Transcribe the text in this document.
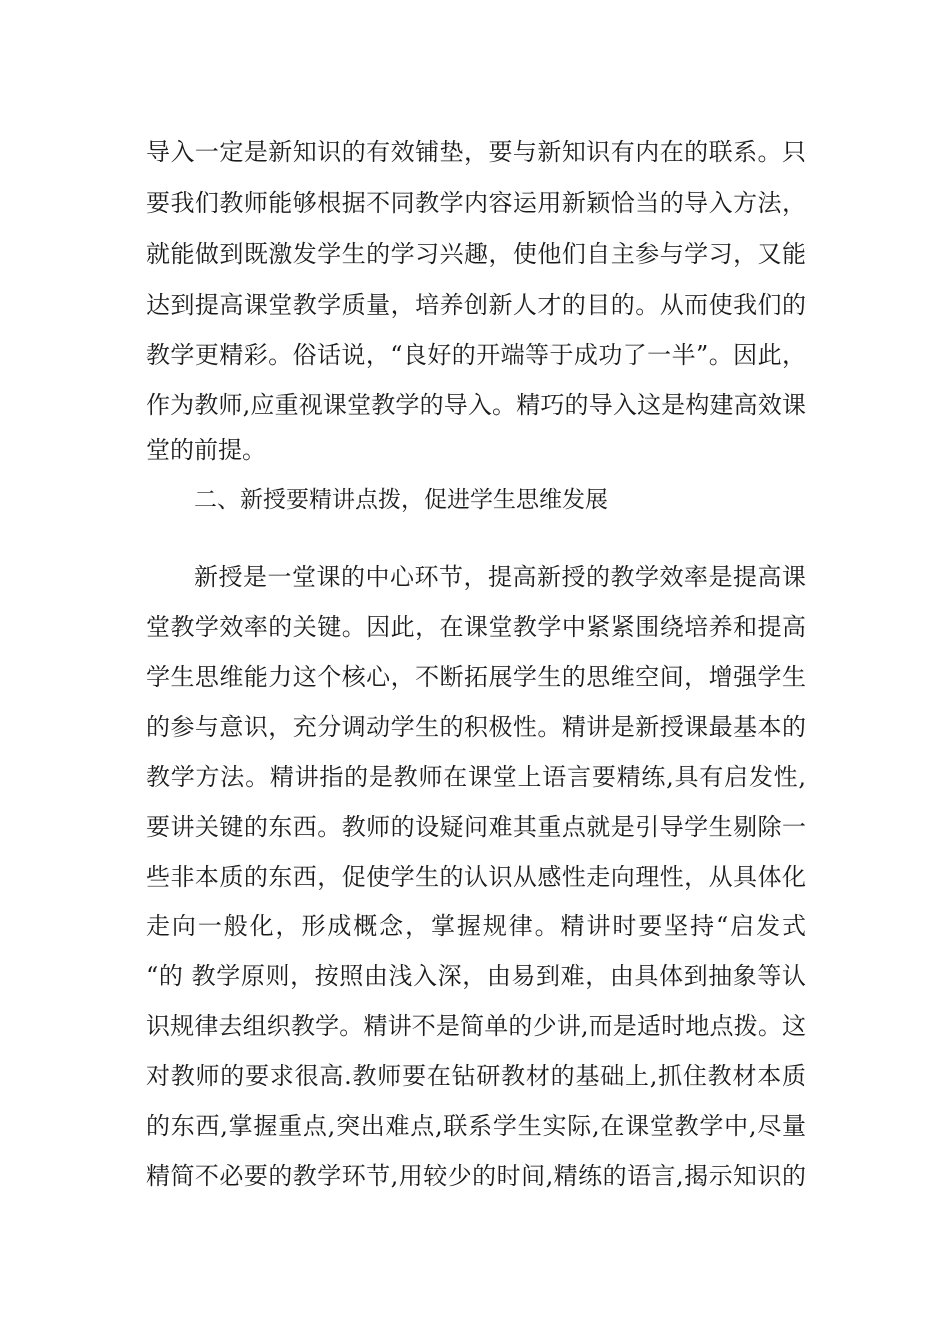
导入一定是新知识的有效铺垫，要与新知识有内在的联系。只

要我们教师能够根据不同教学内容运用新颖恰当的导入方法，

就能做到既激发学生的学习兴趣，使他们自主参与学习，又能

达到提高课堂教学质量，培养创新人才的目的。从而使我们的

教学更精彩。俗话说，“良好的开端等于成功了一半”。因此，

作为教师,应重视课堂教学的导入。精巧的导入这是构建高效课

堂的前提。

二、新授要精讲点拨，促进学生思维发展

新授是一堂课的中心环节，提高新授的教学效率是提高课

堂教学效率的关键。因此，在课堂教学中紧紧围绕培养和提高

学生思维能力这个核心，不断拓展学生的思维空间，增强学生

的参与意识，充分调动学生的积极性。精讲是新授课最基本的

教学方法。精讲指的是教师在课堂上语言要精练,具有启发性,

要讲关键的东西。教师的设疑问难其重点就是引导学生剔除一

些非本质的东西，促使学生的认识从感性走向理性，从具体化

走向一般化，形成概念，掌握规律。精讲时要坚持“启发式

“的 教学原则，按照由浅入深，由易到难，由具体到抽象等认

识规律去组织教学。精讲不是简单的少讲,而是适时地点拨。这

对教师的要求很高.教师要在钻研教材的基础上,抓住教材本质

的东西,掌握重点,突出难点,联系学生实际,在课堂教学中,尽量

精简不必要的教学环节,用较少的时间,精练的语言,揭示知识的
